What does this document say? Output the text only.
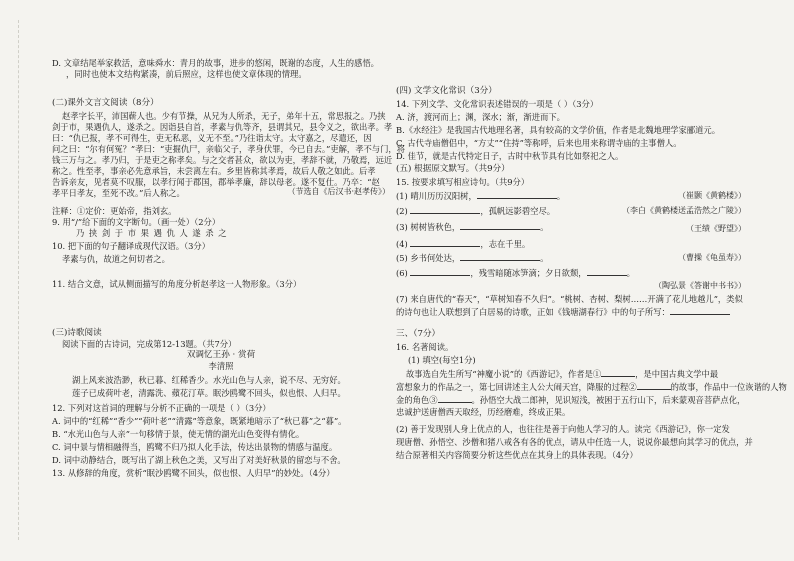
D. 文章结尾举家救活，意味舜水：青月的故事，进步的悠闲，既谢的态度，人生的感悟。
，同时也使本文结构紧凑，前后照应，这样也使文章体现的情理。
(二)课外文言文阅读（8分）
赵孝字长平，沛国蕲人也。少有节操，从兄为人所杀，无子，弟年十五，常思报之。乃挟
剑于市，果遇仇人，遂杀之。因诣县自首，孝素与仇等齐，县谓其兄，县令义之，欲出孝。孝
曰：“仇已报，孝不可得生，吏无私恶，义无不至。”乃往诣太守。太守嘉之，尽遣还，因
问之曰：“尔有何冤？”孝曰：“吏掘仇尸，亲临父子，孝身伏罪，今已自去。”吏解，孝不与门，将
钱三万与之。孝乃归，于是吏之称孝矣。与之交者甚众，欲以为吏，孝辞不就，乃敬焉，远近
称之。性至孝，事亲必先意承旨，未尝离左右。乡里皆称其孝焉，故后人敬之如此。后孝
告诉亲友，见者莫不叹服，以孝行闻于郡国，郡举孝廉，辞以母老。遂不复仕。乃卒：“赵
孝平日孝友，至死不改。”后人称之。	（节选自《后汉书·赵孝传》）
注释：①定价：更始帝，指刘玄。
9. 用“/”给下面的文字断句。（画一处）（2分）
乃 挟 剑 于 市 果 遇 仇 人 遂 杀 之
10. 把下面的句子翻译成现代汉语。（3分）
孝素与仇，故道之何切者之。
11. 结合文意，试从侧面描写的角度分析赵孝这一人物形象。（3分）
(三)诗歌阅读
阅读下面的古诗词，完成第12-13题。（共7分）
双调忆王孙 · 赏荷
李清照
湖上风来波浩渺，秋已暮、红稀香少。水光山色与人亲，说不尽、无穷好。
莲子已成荷叶老，清露洗、蘋花汀草。眠沙鸥鹭不回头，似也恨、人归早。
12. 下列对这首词的理解与分析不正确的一项是（ ）（3分）
A. 词中的“红稀”“香少”“荷叶老”“清露”等意象，既紧地暗示了“秋已暮”之“暮”。
B. “水光山色与人亲”一句移情于景，使无情的湖光山色变得有情化。
C. 词中景与情相融得当，鸥鹭不归乃拟人化手法，传达出景物的情感与温度。
D. 词中动静结合，既写出了湖上秋色之美，又写出了对美好秋景的留恋与不舍。
13. 从修辞的角度，赏析“眠沙鸥鹭不回头，似也恨、人归早”的妙处。（4分）
(四) 文学文化常识（3分）
14. 下列文学、文化常识表述错误的一项是（ ）（3分）
A. 济，渡河而上；渊，深水；渐，渐进而下。
B.《水经注》是我国古代地理名著，具有较高的文学价值，作者是北魏地理学家郦道元。
C. 古代寺庙僧侣中，“方丈”“住持”等称呼，后来也用来称谓寺庙的主事僧人。
D. 佳节，就是古代特定日子，古时中秋节具有比如祭祀之人。
(五) 根据原文默写。（共9分）
15. 按要求填写相应诗句。（共9分）
(1) 晴川历历汉阳树，	。	（崔颢《黄鹤楼》）
(2)	，孤帆远影碧空尽。	（李白《黄鹤楼送孟浩然之广陵》）
(3) 树树皆秋色，	。	（王绩《野望》）
(4)	，志在千里。
(5) 乡书何处达，	。	（曹操《龟虽寿》）
(6)	，残雪暗随冰笋滴；夕日欲颓，	。
（陶弘景《答谢中书书》）
(7) 来自唐代的“春天”，“草树知春不久归”。“桃树、杏树、梨树……开满了花儿地越儿”，类似
的诗句也让人联想到了白居易的诗歌，正如《钱塘湖春行》中的句子所写：
三、（7分）
16. 名著阅读。
(1) 填空(每空1分)
故事选自先生所写“神魔小说”的《西游记》，作者是①	，是中国古典文学中最
富想象力的作品之一，第七回讲述主人公大闹天宫，降服的过程②	的故事，作品中一位诙谐的人物
金的角色③	。孙悟空大战二郎神，见识短浅，被困于五行山下，后来蒙观音菩萨点化，
忠诚护送唐僧西天取经，历经磨难，终成正果。
(2) 善于发现别人身上优点的人，也往往是善于向他人学习的人。读完《西游记》，你一定发
现唐僧、孙悟空、沙僧和猪八戒各有各的优点，请从中任选一人，说说你最想向其学习的优点，并
结合原著相关内容简要分析这些优点在其身上的具体表现。（4分）
